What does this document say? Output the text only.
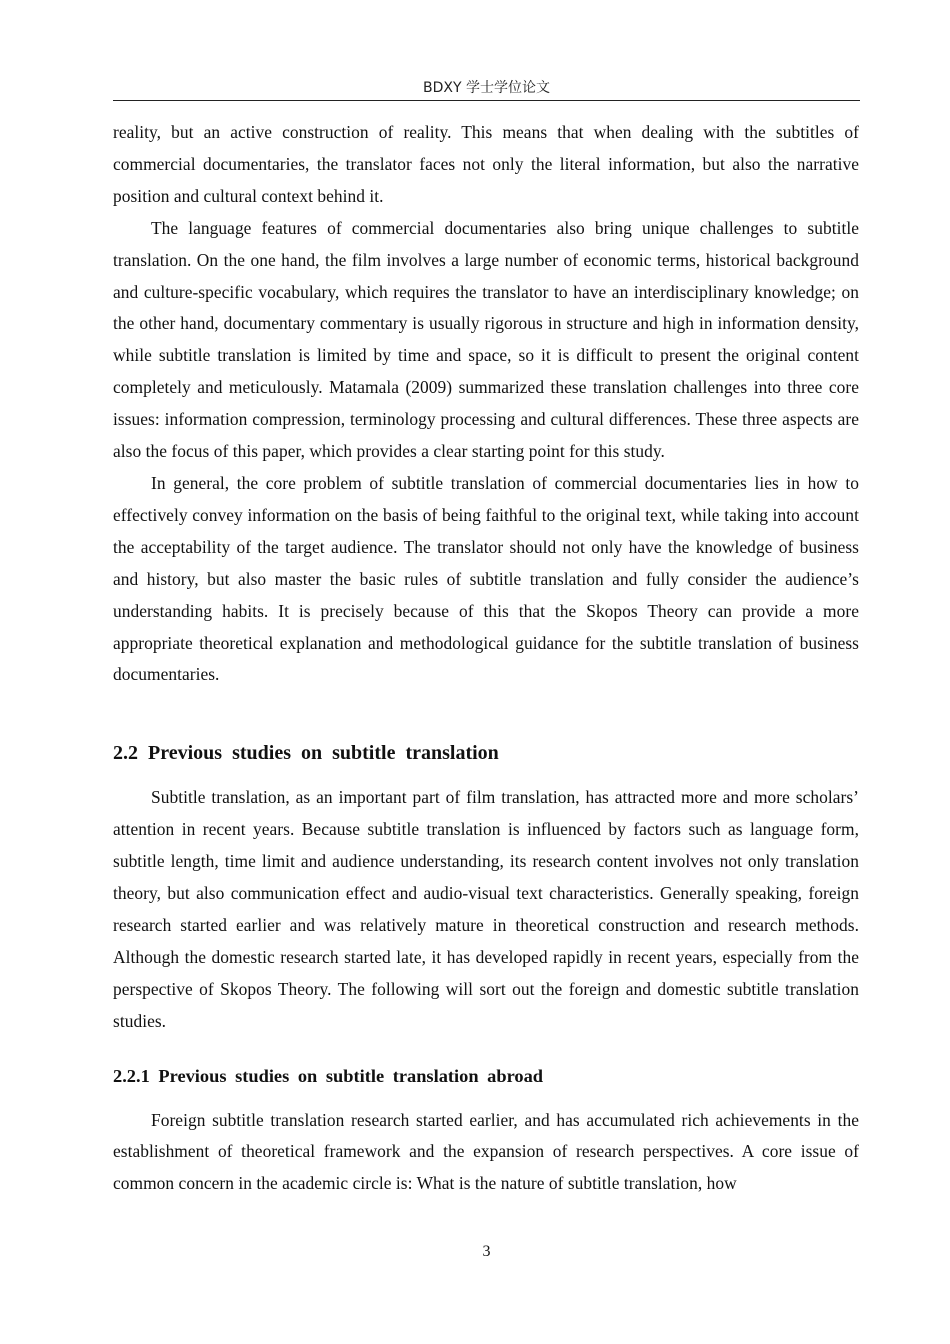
BDXY 学士学位论文

reality, but an active construction of reality. This means that when dealing with the subtitles of commercial documentaries, the translator faces not only the literal information, but also the narrative position and cultural context behind it.

The language features of commercial documentaries also bring unique challenges to subtitle translation. On the one hand, the film involves a large number of economic terms, historical background and culture-specific vocabulary, which requires the translator to have an interdisciplinary knowledge; on the other hand, documentary commentary is usually rigorous in structure and high in information density, while subtitle translation is limited by time and space, so it is difficult to present the original content completely and meticulously. Matamala (2009) summarized these translation challenges into three core issues: information compression, terminology processing and cultural differences. These three aspects are also the focus of this paper, which provides a clear starting point for this study.

In general, the core problem of subtitle translation of commercial documentaries lies in how to effectively convey information on the basis of being faithful to the original text, while taking into account the acceptability of the target audience. The translator should not only have the knowledge of business and history, but also master the basic rules of subtitle translation and fully consider the audience’s understanding habits. It is precisely because of this that the Skopos Theory can provide a more appropriate theoretical explanation and methodological guidance for the subtitle translation of business documentaries.

2.2 Previous studies on subtitle translation

Subtitle translation, as an important part of film translation, has attracted more and more scholars’ attention in recent years. Because subtitle translation is influenced by factors such as language form, subtitle length, time limit and audience understanding, its research content involves not only translation theory, but also communication effect and audio-visual text characteristics. Generally speaking, foreign research started earlier and was relatively mature in theoretical construction and research methods. Although the domestic research started late, it has developed rapidly in recent years, especially from the perspective of Skopos Theory. The following will sort out the foreign and domestic subtitle translation studies.

2.2.1 Previous studies on subtitle translation abroad

Foreign subtitle translation research started earlier, and has accumulated rich achievements in the establishment of theoretical framework and the expansion of research perspectives. A core issue of common concern in the academic circle is: What is the nature of subtitle translation, how

3
